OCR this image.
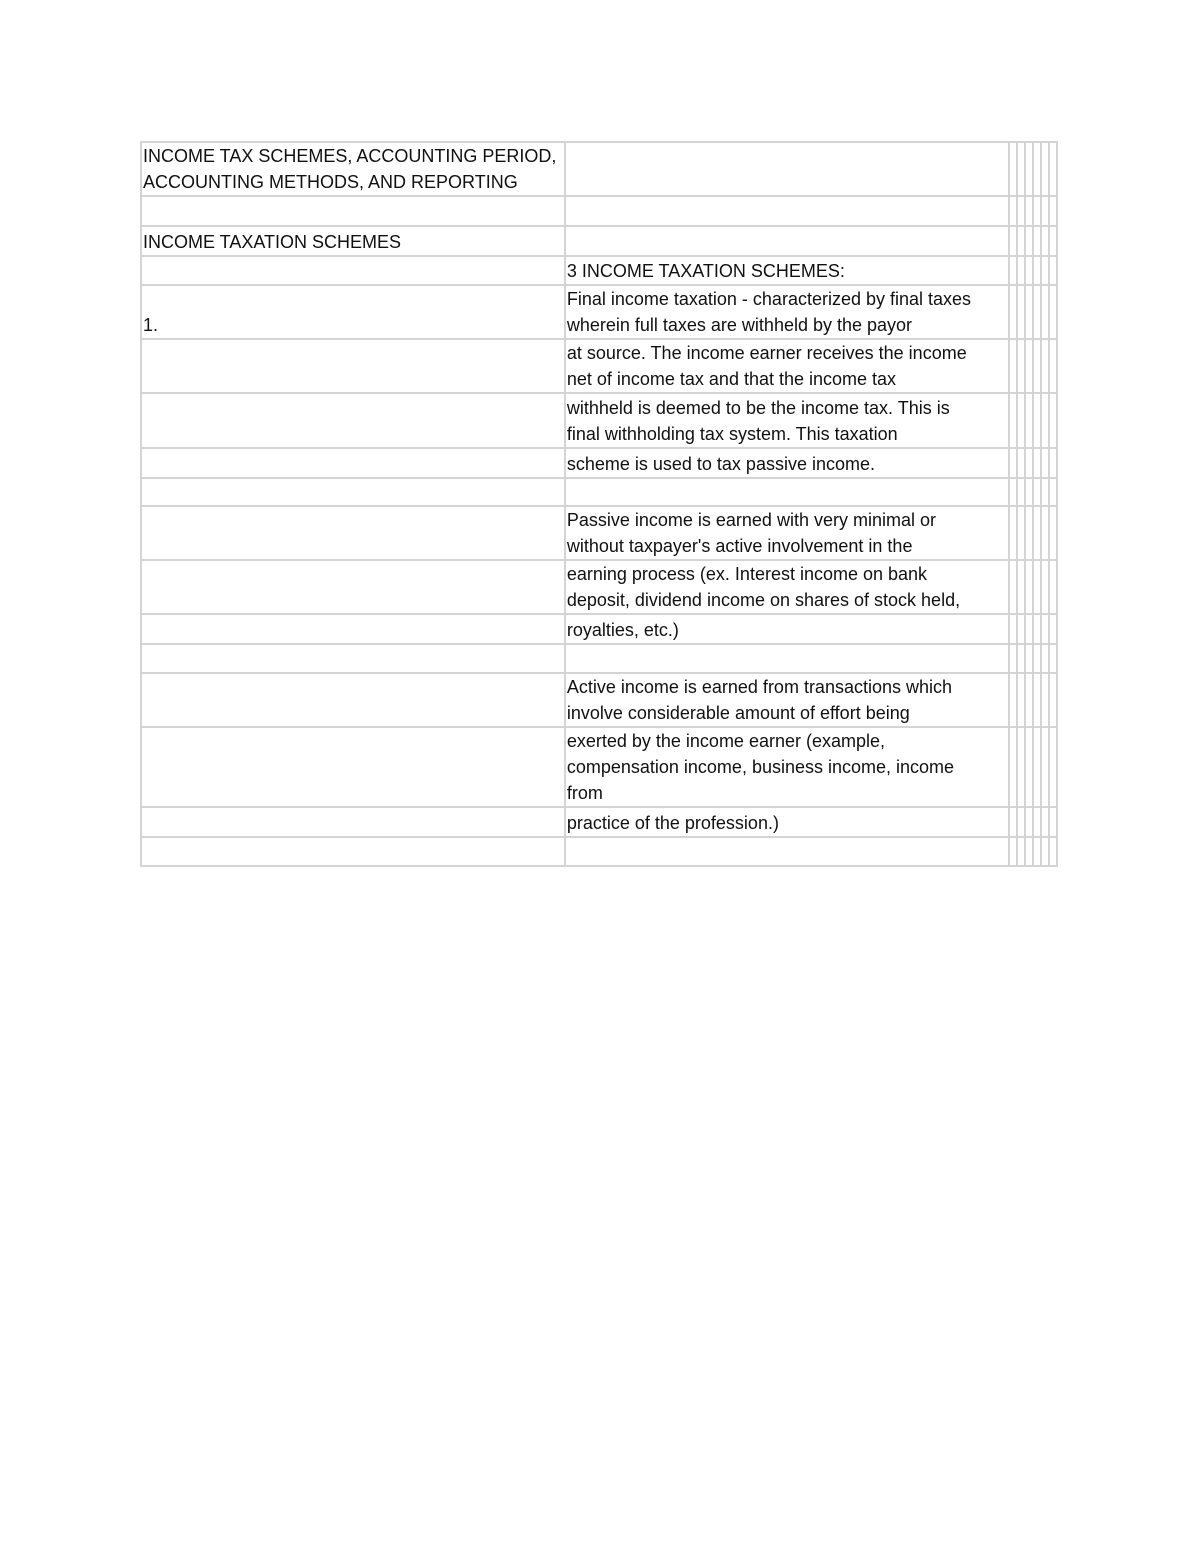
INCOME TAX SCHEMES, ACCOUNTING PERIOD,
ACCOUNTING METHODS, AND REPORTING							

INCOME TAXATION SCHEMES							
	3 INCOME TAXATION SCHEMES:						
1.	Final income taxation - characterized by final taxes
wherein full taxes are withheld by the payor						
	at source. The income earner receives the income
net of income tax and that the income tax						
	withheld is deemed to be the income tax. This is
final withholding tax system. This taxation						
	scheme is used to tax passive income.						

	Passive income is earned with very minimal or
without taxpayer's active involvement in the						
	earning process (ex. Interest income on bank
deposit, dividend income on shares of stock held,						
	royalties, etc.)						

	Active income is earned from transactions which
involve considerable amount of effort being						
	exerted by the income earner (example,
compensation income, business income, income
from						
	practice of the profession.)						
